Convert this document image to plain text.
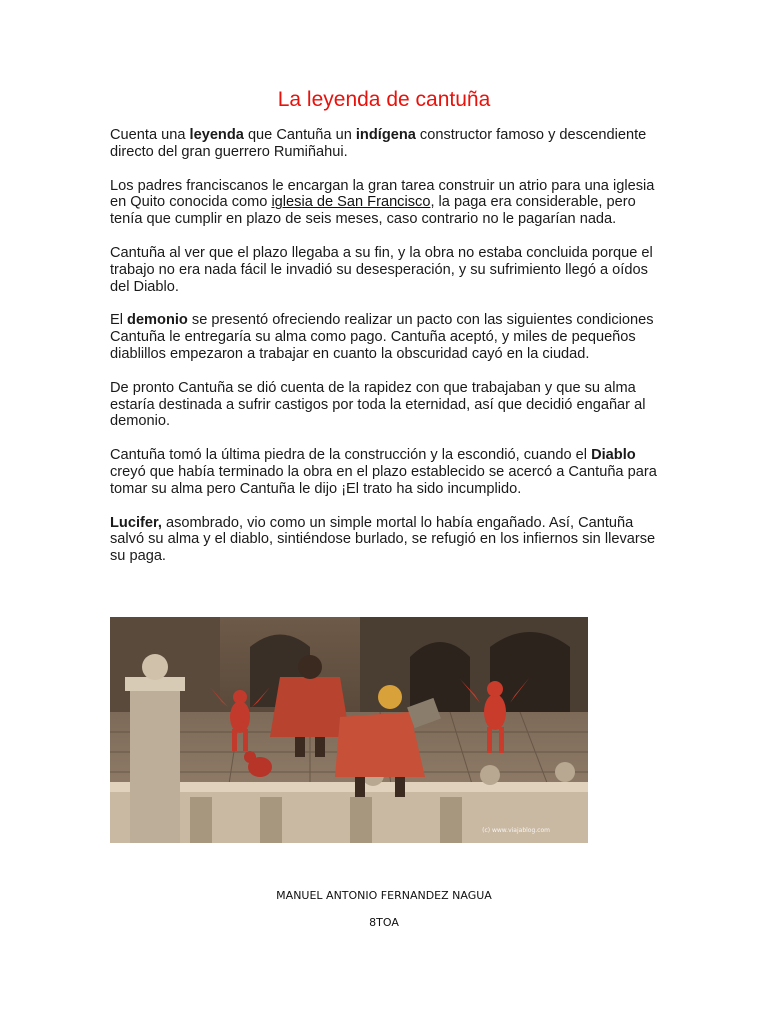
La leyenda de cantuña

Cuenta una leyenda que Cantuña un indígena constructor famoso y descendiente directo del gran guerrero Rumiñahui.

Los padres franciscanos le encargan la gran tarea construir un atrio para una iglesia en Quito conocida como iglesia de San Francisco, la paga era considerable, pero tenía que cumplir en plazo de seis meses, caso contrario no le pagarían nada.

Cantuña al ver que el plazo llegaba a su fin, y la obra no estaba concluida porque el trabajo no era nada fácil le invadió su desesperación, y su sufrimiento llegó a oídos del Diablo.

El demonio se presentó ofreciendo realizar un pacto con las siguientes condiciones Cantuña le entregaría su alma como pago. Cantuña aceptó, y miles de pequeños diablillos empezaron a trabajar en cuanto la obscuridad cayó en la ciudad.

De pronto Cantuña se dió cuenta de la rapidez con que trabajaban y que su alma estaría destinada a sufrir castigos por toda la eternidad, así que decidió engañar al demonio.

Cantuña tomó la última piedra de la construcción y la escondió, cuando el Diablo creyó que había terminado la obra en el plazo establecido se acercó a Cantuña para tomar su alma pero Cantuña le dijo ¡El trato ha sido incumplido.

Lucifer, asombrado, vio como un simple mortal lo había engañado. Así, Cantuña salvó su alma y el diablo, sintiéndose burlado, se refugió en los infiernos sin llevarse su paga.

(c) www.viajablog.com
MANUEL ANTONIO FERNANDEZ NAGUA
8TOA
